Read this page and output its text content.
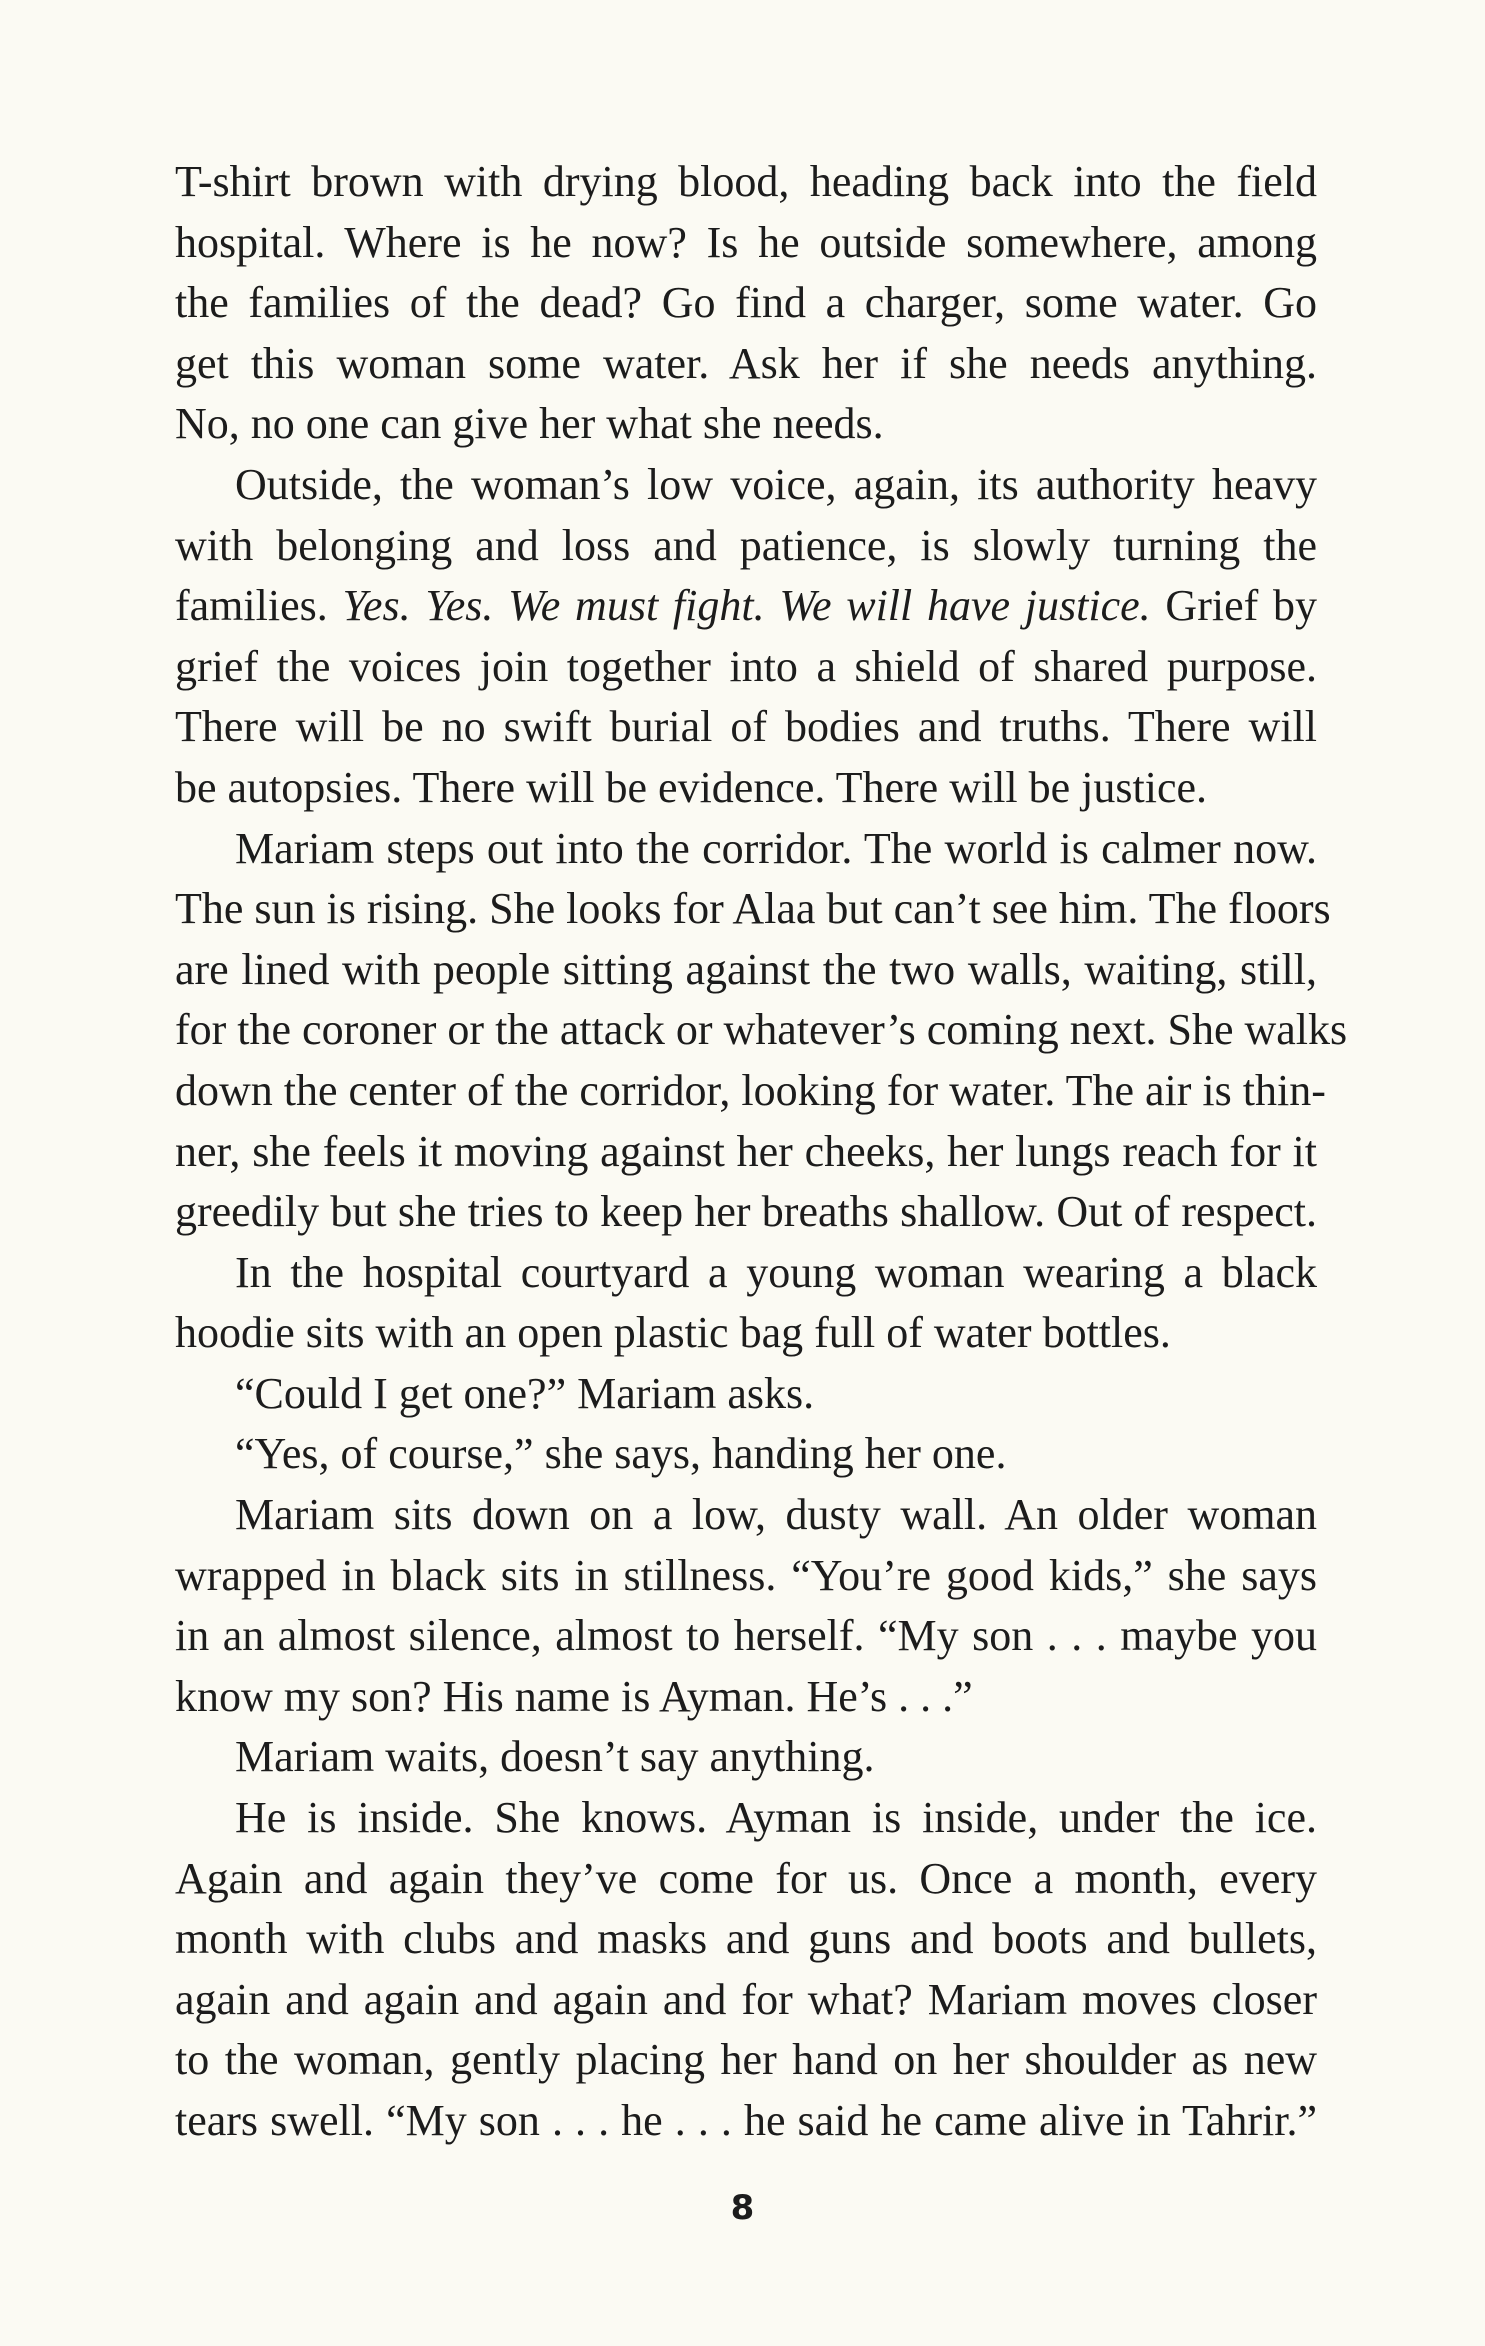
T-shirt brown with drying blood, heading back into the field
hospital. Where is he now? Is he outside somewhere, among
the families of the dead? Go find a charger, some water. Go
get this woman some water. Ask her if she needs anything.
No, no one can give her what she needs.
Outside, the woman’s low voice, again, its authority heavy
with belonging and loss and patience, is slowly turning the
families. Yes. Yes. We must fight. We will have justice. Grief by
grief the voices join together into a shield of shared purpose.
There will be no swift burial of bodies and truths. There will
be autopsies. There will be evidence. There will be justice.
Mariam steps out into the corridor. The world is calmer now.
The sun is rising. She looks for Alaa but can’t see him. The floors
are lined with people sitting against the two walls, waiting, still,
for the coroner or the attack or whatever’s coming next. She walks
down the center of the corridor, looking for water. The air is thin-
ner, she feels it moving against her cheeks, her lungs reach for it
greedily but she tries to keep her breaths shallow. Out of respect.
In the hospital courtyard a young woman wearing a black
hoodie sits with an open plastic bag full of water bottles.
“Could I get one?” Mariam asks.
“Yes, of course,” she says, handing her one.
Mariam sits down on a low, dusty wall. An older woman
wrapped in black sits in stillness. “You’re good kids,” she says
in an almost silence, almost to herself. “My son . . . maybe you
know my son? His name is Ayman. He’s . . .”
Mariam waits, doesn’t say anything.
He is inside. She knows. Ayman is inside, under the ice.
Again and again they’ve come for us. Once a month, every
month with clubs and masks and guns and boots and bullets,
again and again and again and for what? Mariam moves closer
to the woman, gently placing her hand on her shoulder as new
tears swell. “My son . . . he . . . he said he came alive in Tahrir.”
8
